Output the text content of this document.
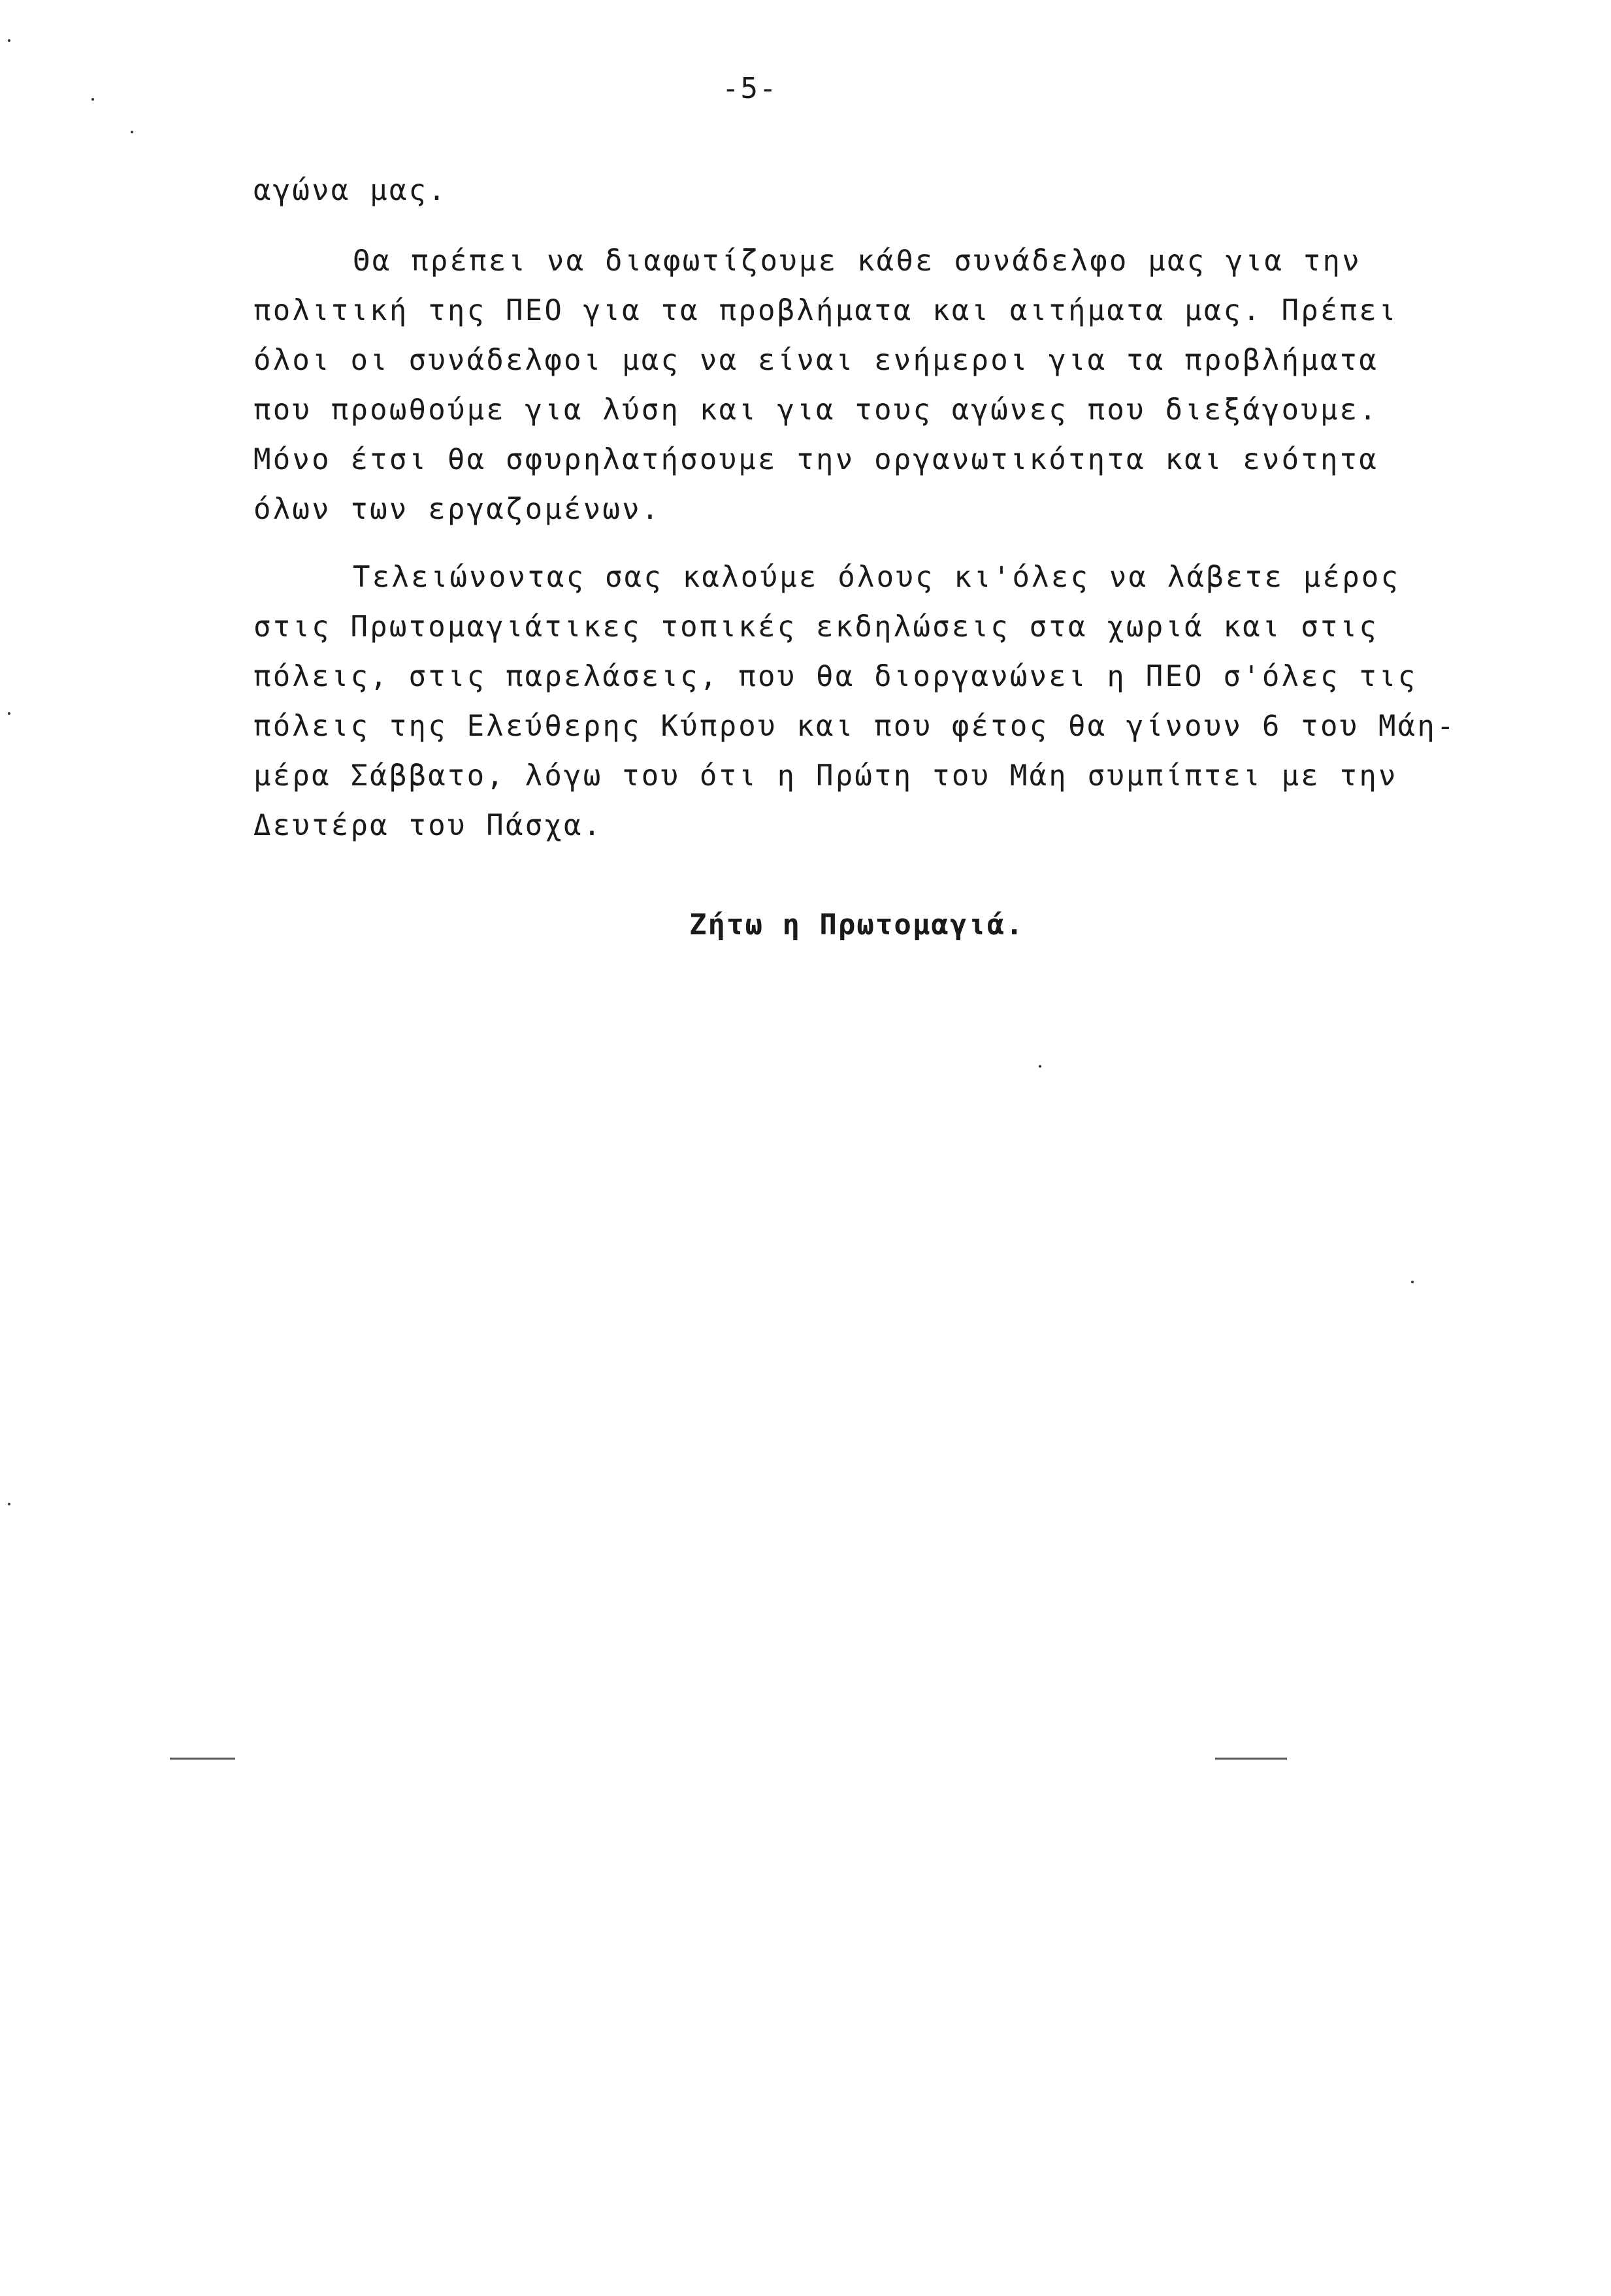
-5-
αγώνα μας.
Θα πρέπει να διαφωτίζουμε κάθε συνάδελφο μας για την
πολιτική της ΠΕΟ για τα προβλήματα και αιτήματα μας. Πρέπει
όλοι οι συνάδελφοι μας να είναι ενήμεροι για τα προβλήματα
που προωθούμε για λύση και για τους αγώνες που διεξάγουμε.
Μόνο έτσι θα σφυρηλατήσουμε την οργανωτικότητα και ενότητα
όλων των εργαζομένων.
Τελειώνοντας σας καλούμε όλους κι'όλες να λάβετε μέρος
στις Πρωτομαγιάτικες τοπικές εκδηλώσεις στα χωριά και στις
πόλεις, στις παρελάσεις, που θα διοργανώνει η ΠΕΟ σ'όλες τις
πόλεις της Ελεύθερης Κύπρου και που φέτος θα γίνουν 6 του Μάη-
μέρα Σάββατο, λόγω του ότι η Πρώτη του Μάη συμπίπτει με την
Δευτέρα του Πάσχα.
Ζήτω η Πρωτομαγιά.
